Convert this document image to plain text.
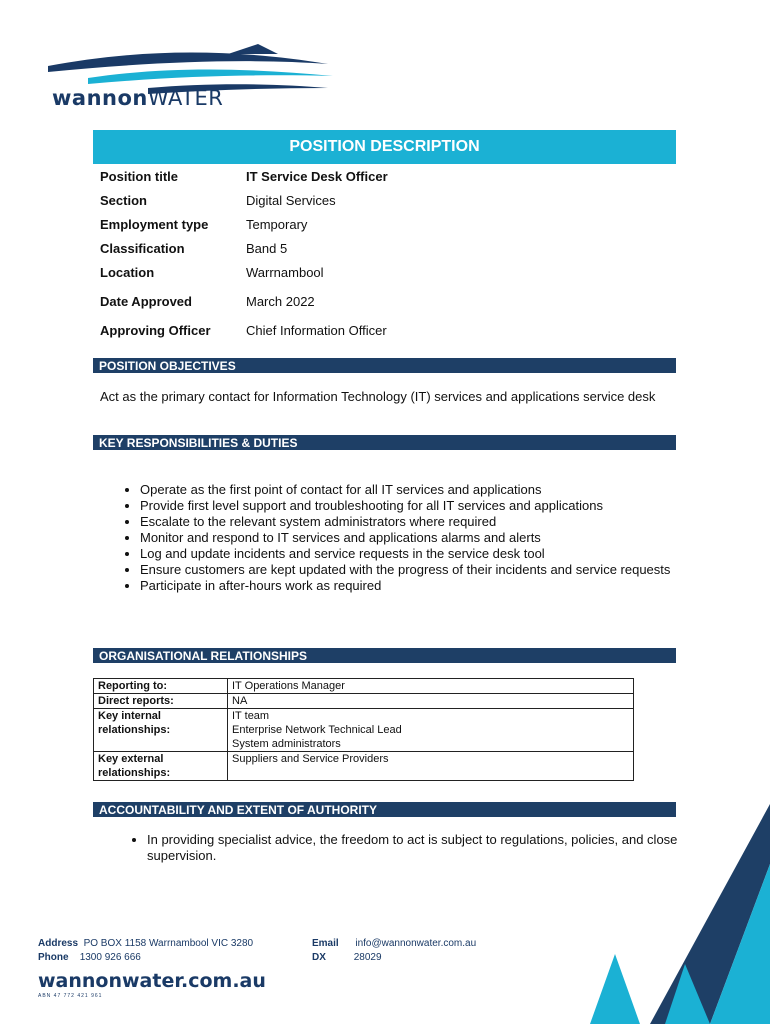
wannonWATER
POSITION DESCRIPTION
Position title	IT Service Desk Officer
Section	Digital Services
Employment type	Temporary
Classification	Band 5
Location	Warrnambool
Date Approved	March 2022
Approving Officer	Chief Information Officer
POSITION OBJECTIVES
Act as the primary contact for Information Technology (IT) services and applications service desk
KEY RESPONSIBILITIES & DUTIES
• Operate as the first point of contact for all IT services and applications
• Provide first level support and troubleshooting for all IT services and applications
• Escalate to the relevant system administrators where required
• Monitor and respond to IT services and applications alarms and alerts
• Log and update incidents and service requests in the service desk tool
• Ensure customers are kept updated with the progress of their incidents and service requests
• Participate in after-hours work as required
ORGANISATIONAL RELATIONSHIPS
Reporting to:	IT Operations Manager
Direct reports:	NA
Key internal relationships:	IT team
Enterprise Network Technical Lead
System administrators
Key external relationships:	Suppliers and Service Providers
ACCOUNTABILITY AND EXTENT OF AUTHORITY
• In providing specialist advice, the freedom to act is subject to regulations, policies, and close supervision.
Address PO BOX 1158 Warrnambool VIC 3280
Phone 1300 926 666
Email info@wannonwater.com.au
DX	28029
wannonwater.com.au
ABN 47 772 421 961
